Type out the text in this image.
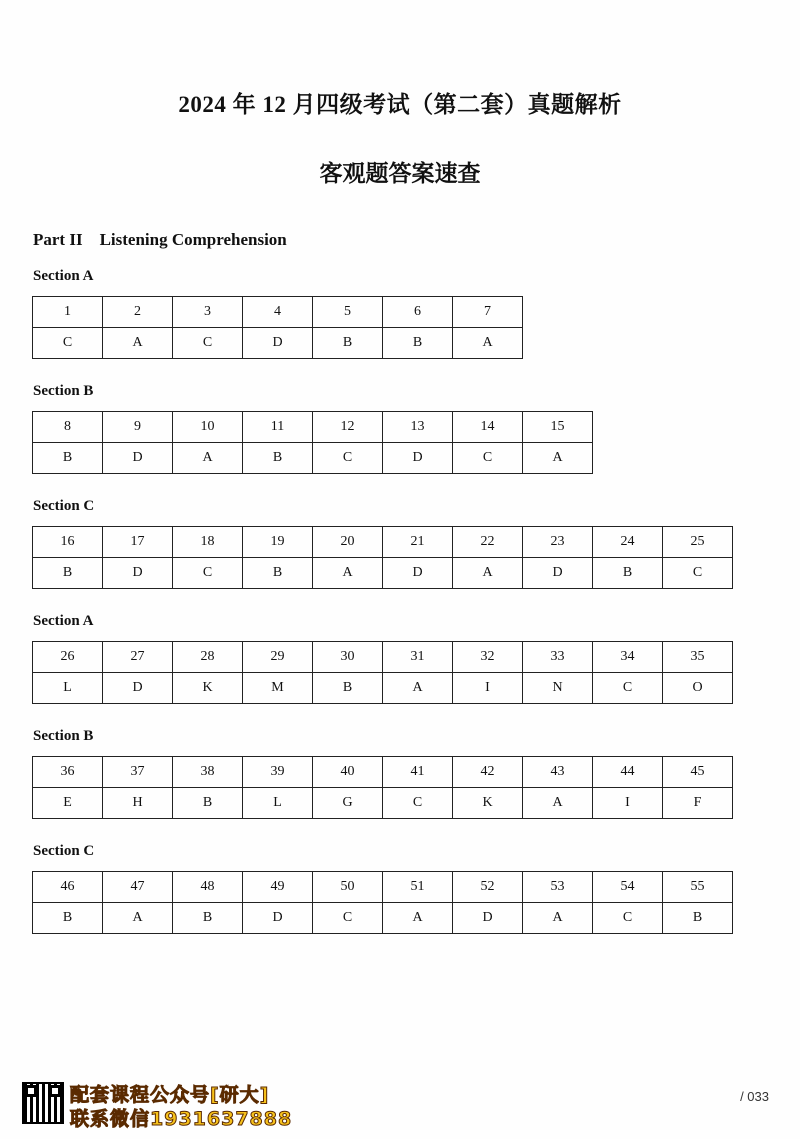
2024 年 12 月四级考试（第二套）真题解析
客观题答案速查
Part II    Listening Comprehension
Section A
1	2	3	4	5	6	7
C	A	C	D	B	B	A
Section B
8	9	10	11	12	13	14	15
B	D	A	B	C	D	C	A
Section C
16	17	18	19	20	21	22	23	24	25
B	D	C	B	A	D	A	D	B	C
Section A
26	27	28	29	30	31	32	33	34	35
L	D	K	M	B	A	I	N	C	O
Section B
36	37	38	39	40	41	42	43	44	45
E	H	B	L	G	C	K	A	I	F
Section C
46	47	48	49	50	51	52	53	54	55
B	A	B	D	C	A	D	A	C	B
配套课程公众号[研大]
联系微信1931637888
/ 033
